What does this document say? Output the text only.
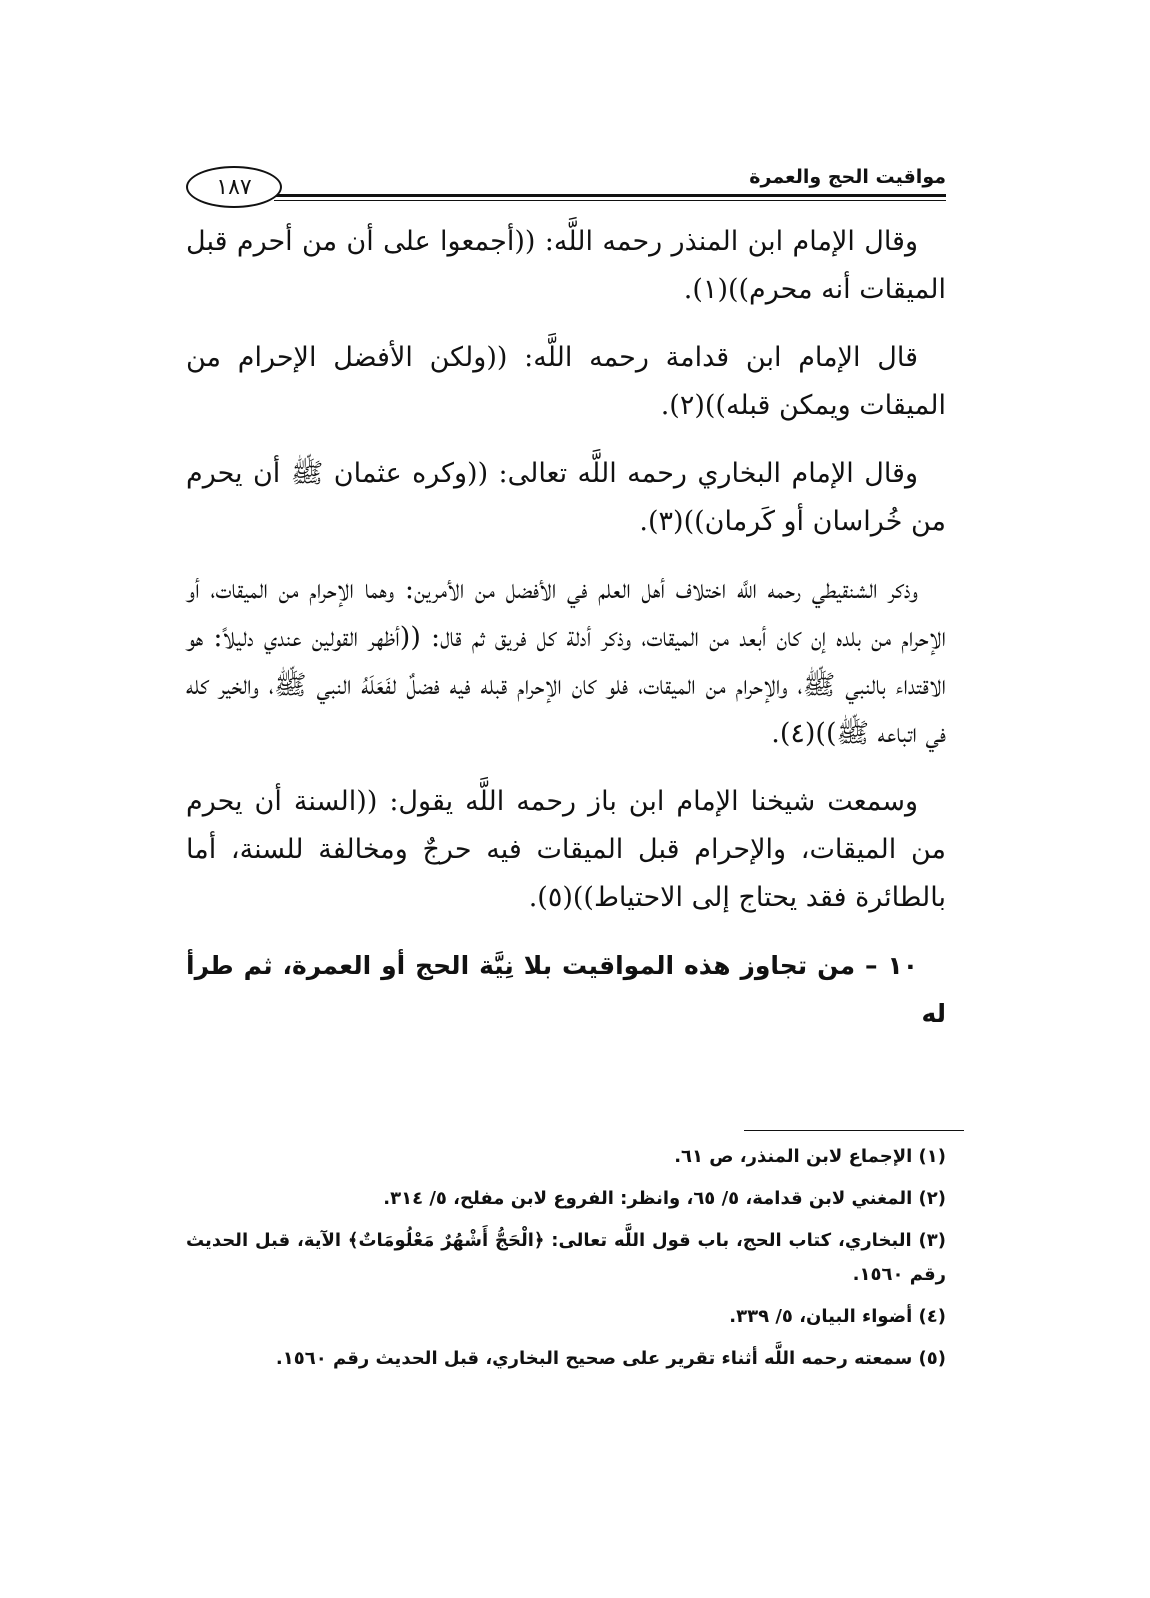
مواقيت الحج والعمرة
١٨٧

وقال الإمام ابن المنذر رحمه اللَّه: ((أجمعوا على أن من أحرم قبل الميقات أنه محرم))(١).

قال الإمام ابن قدامة رحمه اللَّه: ((ولكن الأفضل الإحرام من الميقات ويمكن قبله))(٢).

وقال الإمام البخاري رحمه اللَّه تعالى: ((وكره عثمان ﷺ أن يحرم من خُراسان أو كَرمان))(٣).

وذكر الشنقيطي رحمه اللَّه اختلاف أهل العلم في الأفضل من الأمرين: وهما الإحرام من الميقات، أو الإحرام من بلده إن كان أبعد من الميقات، وذكر أدلة كل فريق ثم قال: ((أظهر القولين عندي دليلاً: هو الاقتداء بالنبي ﷺ، والإحرام من الميقات، فلو كان الإحرام قبله فيه فضلٌ لفَعَلَهُ النبي ﷺ، والخير كله في اتباعه ﷺ))(٤).

وسمعت شيخنا الإمام ابن باز رحمه اللَّه يقول: ((السنة أن يحرم من الميقات، والإحرام قبل الميقات فيه حرجٌ ومخالفة للسنة، أما بالطائرة فقد يحتاج إلى الاحتياط))(٥).

١٠ – من تجاوز هذه المواقيت بلا نِيَّة الحج أو العمرة، ثم طرأ له

(١) الإجماع لابن المنذر، ص ٦١.

(٢) المغني لابن قدامة، ٥/ ٦٥، وانظر: الفروع لابن مفلح، ٥/ ٣١٤.

(٣) البخاري، كتاب الحج، باب قول اللَّه تعالى: ﴿الْحَجُّ أَشْهُرٌ مَعْلُومَاتٌ﴾ الآية، قبل الحديث رقم ١٥٦٠.

(٤) أضواء البيان، ٥/ ٣٣٩.

(٥) سمعته رحمه اللَّه أثناء تقرير على صحيح البخاري، قبل الحديث رقم ١٥٦٠.
